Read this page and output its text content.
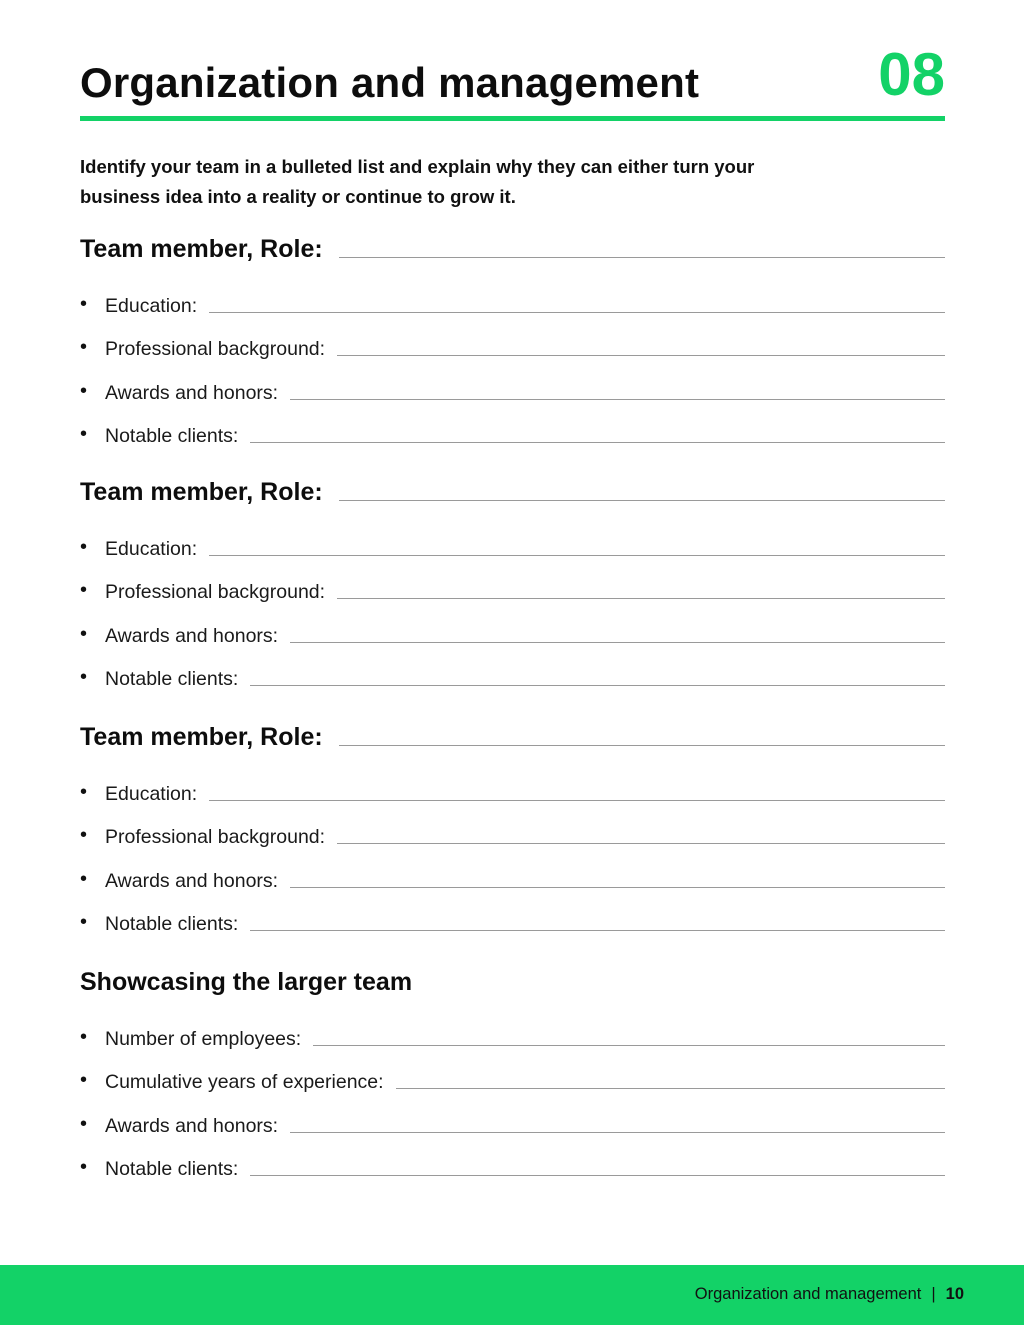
Organization and management	08

Identify your team in a bulleted list and explain why they can either turn your business idea into a reality or continue to grow it.

Team member, Role:
• Education:
• Professional background:
• Awards and honors:
• Notable clients:
Team member, Role:
• Education:
• Professional background:
• Awards and honors:
• Notable clients:
Team member, Role:
• Education:
• Professional background:
• Awards and honors:
• Notable clients:
Showcasing the larger team
• Number of employees:
• Cumulative years of experience:
• Awards and honors:
• Notable clients:
Organization and management | 10
